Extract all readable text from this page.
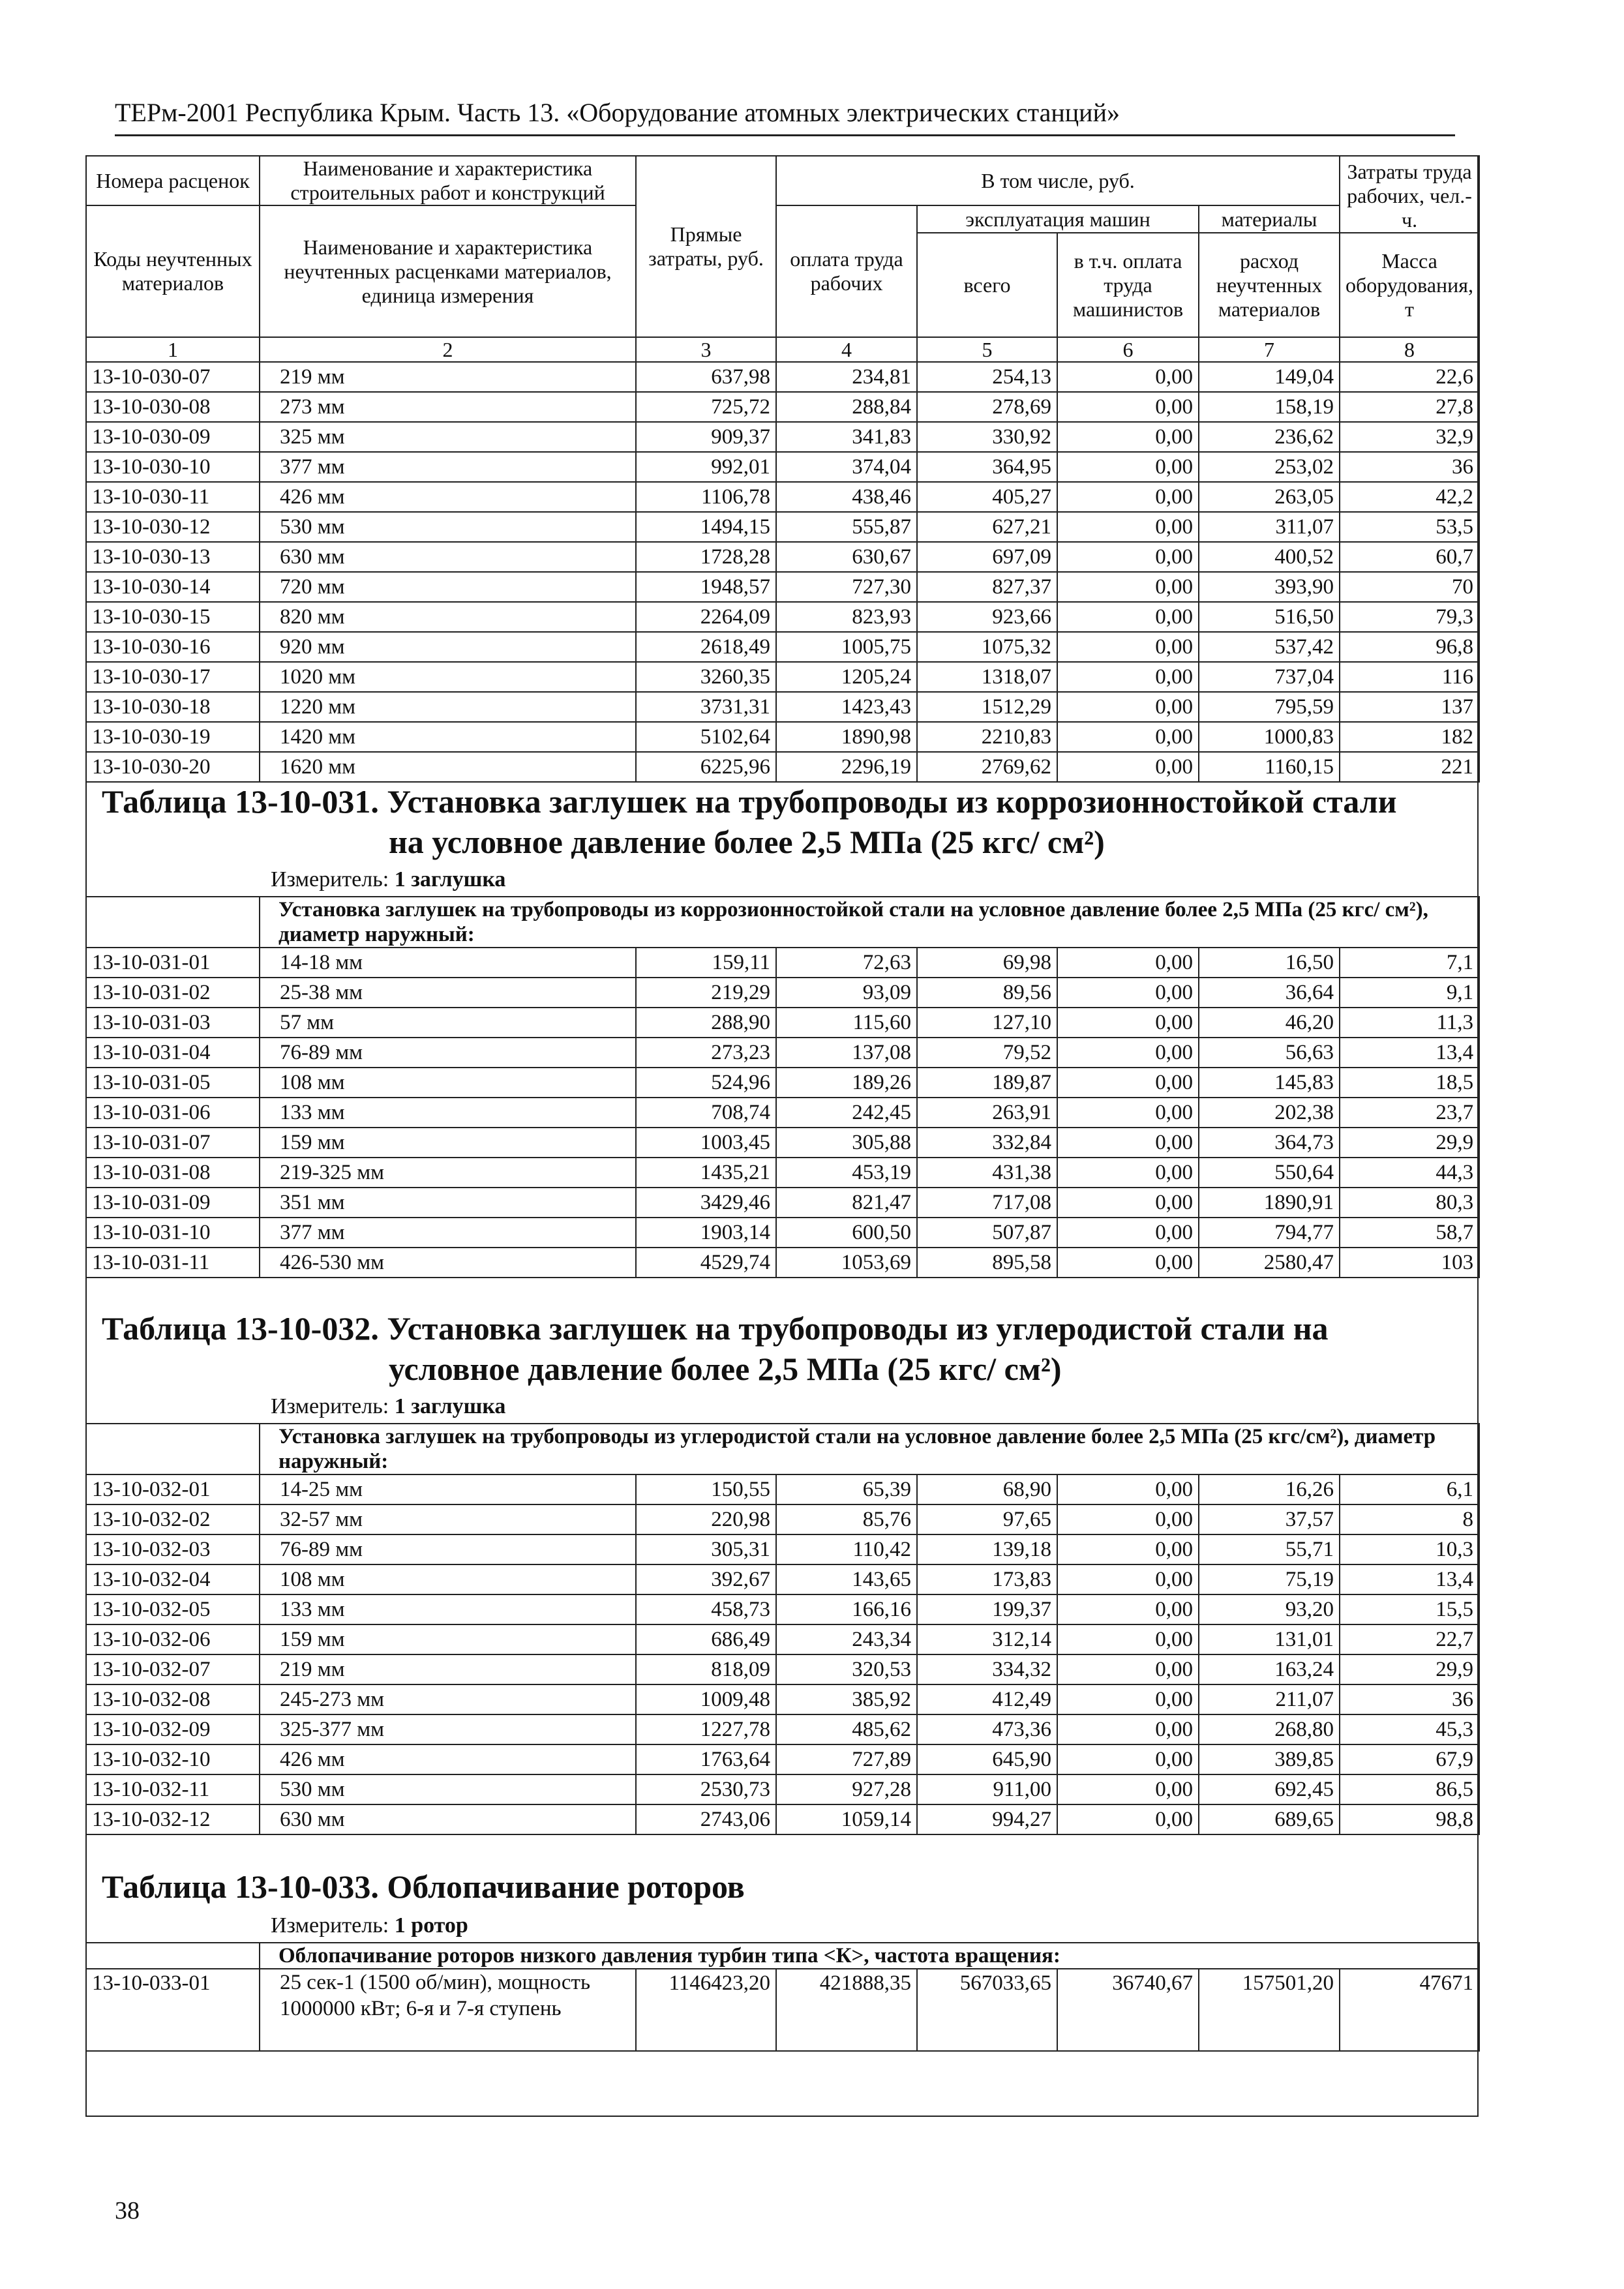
ТЕРм-2001 Республика Крым. Часть 13. «Оборудование атомных электрических станций»
Номера расценок	Наименование и характеристика строительных работ и конструкций	Прямые затраты, руб.	В том числе, руб.				Затраты труда рабочих, чел.-ч.
Коды неучтенных материалов	Наименование и характеристика неучтенных расценками материалов, единица измерения		оплата труда рабочих	эксплуатация машин		материалы	
				всего	в т.ч. оплата труда машинистов	расход неучтенных материалов	Масса оборудования, т
1	2	3	4	5	6	7	8
13-10-030-07	219 мм	637,98	234,81	254,13	0,00	149,04	22,6
13-10-030-08	273 мм	725,72	288,84	278,69	0,00	158,19	27,8
13-10-030-09	325 мм	909,37	341,83	330,92	0,00	236,62	32,9
13-10-030-10	377 мм	992,01	374,04	364,95	0,00	253,02	36
13-10-030-11	426 мм	1106,78	438,46	405,27	0,00	263,05	42,2
13-10-030-12	530 мм	1494,15	555,87	627,21	0,00	311,07	53,5
13-10-030-13	630 мм	1728,28	630,67	697,09	0,00	400,52	60,7
13-10-030-14	720 мм	1948,57	727,30	827,37	0,00	393,90	70
13-10-030-15	820 мм	2264,09	823,93	923,66	0,00	516,50	79,3
13-10-030-16	920 мм	2618,49	1005,75	1075,32	0,00	537,42	96,8
13-10-030-17	1020 мм	3260,35	1205,24	1318,07	0,00	737,04	116
13-10-030-18	1220 мм	3731,31	1423,43	1512,29	0,00	795,59	137
13-10-030-19	1420 мм	5102,64	1890,98	2210,83	0,00	1000,83	182
13-10-030-20	1620 мм	6225,96	2296,19	2769,62	0,00	1160,15	221
Таблица 13-10-031. Установка заглушек на трубопроводы из коррозионностойкой стали
на условное давление более 2,5 МПа (25 кгс/ см²)
Измеритель: 1 заглушка
	Установка заглушек на трубопроводы из коррозионностойкой стали на условное давление более 2,5 МПа (25 кгс/ см²), диаметр наружный:						
13-10-031-01	14-18 мм	159,11	72,63	69,98	0,00	16,50	7,1
13-10-031-02	25-38 мм	219,29	93,09	89,56	0,00	36,64	9,1
13-10-031-03	57 мм	288,90	115,60	127,10	0,00	46,20	11,3
13-10-031-04	76-89 мм	273,23	137,08	79,52	0,00	56,63	13,4
13-10-031-05	108 мм	524,96	189,26	189,87	0,00	145,83	18,5
13-10-031-06	133 мм	708,74	242,45	263,91	0,00	202,38	23,7
13-10-031-07	159 мм	1003,45	305,88	332,84	0,00	364,73	29,9
13-10-031-08	219-325 мм	1435,21	453,19	431,38	0,00	550,64	44,3
13-10-031-09	351 мм	3429,46	821,47	717,08	0,00	1890,91	80,3
13-10-031-10	377 мм	1903,14	600,50	507,87	0,00	794,77	58,7
13-10-031-11	426-530 мм	4529,74	1053,69	895,58	0,00	2580,47	103
Таблица 13-10-032. Установка заглушек на трубопроводы из углеродистой стали на
условное давление более 2,5 МПа (25 кгс/ см²)
Измеритель: 1 заглушка
	Установка заглушек на трубопроводы из углеродистой стали на условное давление более 2,5 МПа (25 кгс/см²), диаметр наружный:						
13-10-032-01	14-25 мм	150,55	65,39	68,90	0,00	16,26	6,1
13-10-032-02	32-57 мм	220,98	85,76	97,65	0,00	37,57	8
13-10-032-03	76-89 мм	305,31	110,42	139,18	0,00	55,71	10,3
13-10-032-04	108 мм	392,67	143,65	173,83	0,00	75,19	13,4
13-10-032-05	133 мм	458,73	166,16	199,37	0,00	93,20	15,5
13-10-032-06	159 мм	686,49	243,34	312,14	0,00	131,01	22,7
13-10-032-07	219 мм	818,09	320,53	334,32	0,00	163,24	29,9
13-10-032-08	245-273 мм	1009,48	385,92	412,49	0,00	211,07	36
13-10-032-09	325-377 мм	1227,78	485,62	473,36	0,00	268,80	45,3
13-10-032-10	426 мм	1763,64	727,89	645,90	0,00	389,85	67,9
13-10-032-11	530 мм	2530,73	927,28	911,00	0,00	692,45	86,5
13-10-032-12	630 мм	2743,06	1059,14	994,27	0,00	689,65	98,8
Таблица 13-10-033. Облопачивание роторов
Измеритель: 1 ротор
	Облопачивание роторов низкого давления турбин типа <К>, частота вращения:						
13-10-033-01	25 сек-1 (1500 об/мин), мощность 1000000 кВт; 6-я и 7-я ступень	1146423,20	421888,35	567033,65	36740,67	157501,20	47671
38
